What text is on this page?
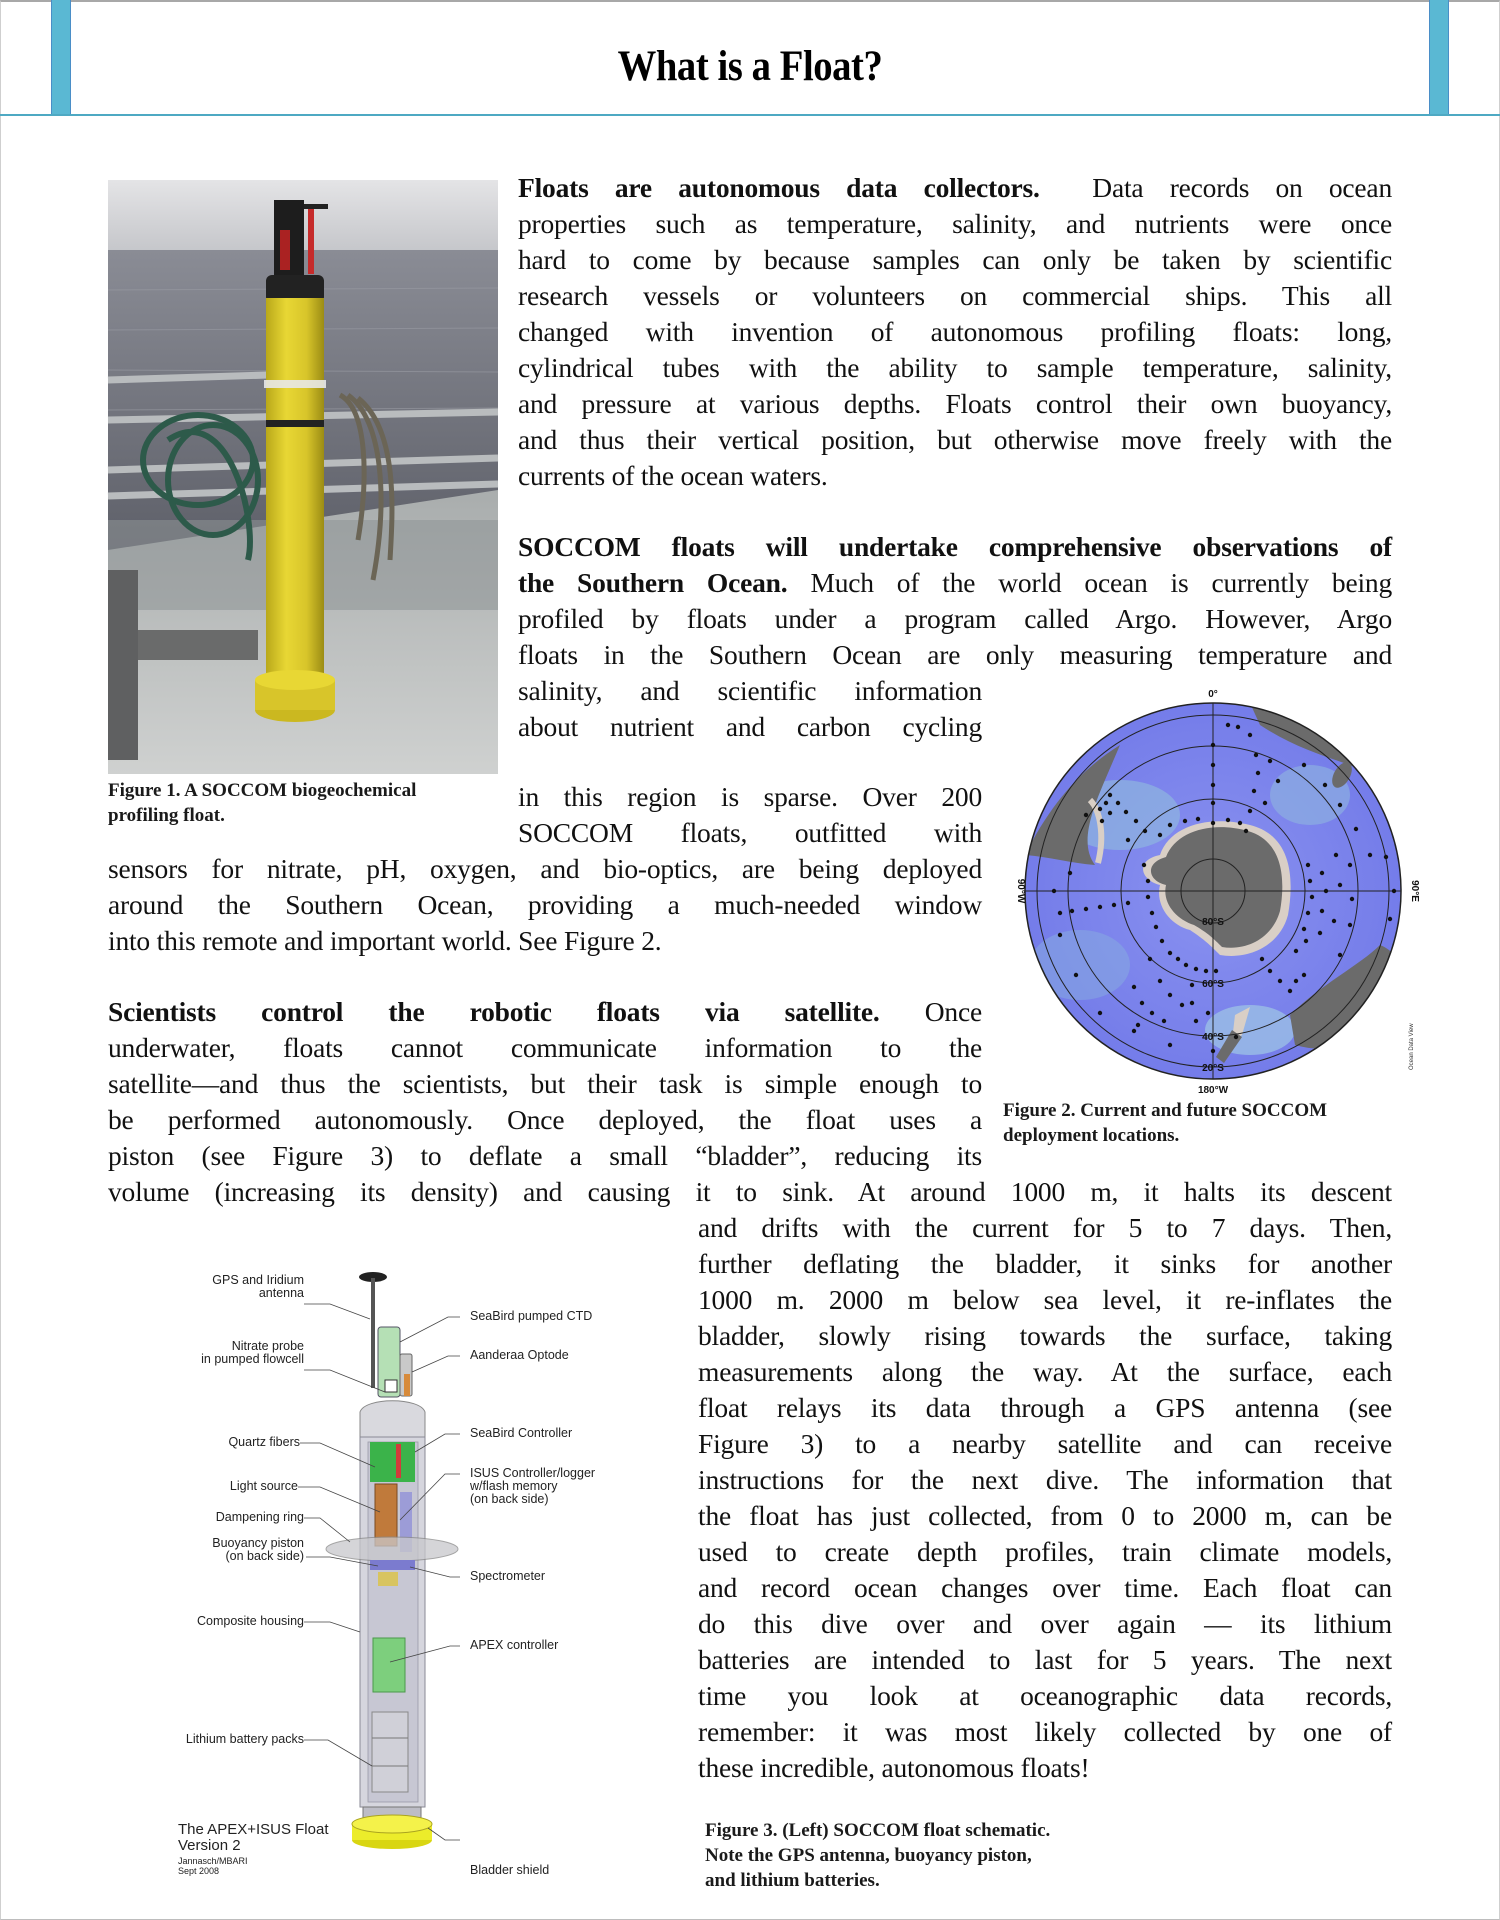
What is a Float?
Figure 1. A SOCCOM biogeochemical
profiling float.
Floats are autonomous data collectors. Data records on ocean
properties such as temperature, salinity, and nutrients were once
hard to come by because samples can only be taken by scientific
research vessels or volunteers on commercial ships. This all
changed with invention of autonomous profiling floats: long,
cylindrical tubes with the ability to sample temperature, salinity,
and pressure at various depths. Floats control their own buoyancy,
and thus their vertical position, but otherwise move freely with the
currents of the ocean waters.
SOCCOM floats will undertake comprehensive observations of
the Southern Ocean. Much of the world ocean is currently being
profiled by floats under a program called Argo. However, Argo
floats in the Southern Ocean are only measuring temperature and
salinity, and scientific information
about nutrient and carbon cycling
in this region is sparse. Over 200
SOCCOM floats, outfitted with
sensors for nitrate, pH, oxygen, and bio-optics, are being deployed
around the Southern Ocean, providing a much-needed window
into this remote and important world. See Figure 2.
0°
180°W
90°W	90°E
80°S
60°S
40°S
20°S	Ocean Data View
Figure 2. Current and future SOCCOM
deployment locations.
Scientists control the robotic floats via satellite. Once
underwater, floats cannot communicate information to the
satellite—and thus the scientists, but their task is simple enough to
be performed autonomously. Once deployed, the float uses a
piston (see Figure 3) to deflate a small “bladder”, reducing its
volume (increasing its density) and causing it to sink. At around 1000 m, it halts its descent
and drifts with the current for 5 to 7 days. Then,
further deflating the bladder, it sinks for another
1000 m. 2000 m below sea level, it re-inflates the
bladder, slowly rising towards the surface, taking
measurements along the way. At the surface, each
float relays its data through a GPS antenna (see
Figure 3) to a nearby satellite and can receive
instructions for the next dive. The information that
the float has just collected, from 0 to 2000 m, can be
used to create depth profiles, train climate models,
and record ocean changes over time. Each float can
do this dive over and over again — its lithium
batteries are intended to last for 5 years. The next
time you look at oceanographic data records,
remember: it was most likely collected by one of
these incredible, autonomous floats!
GPS and Iridium
antenna
Nitrate probe
in pumped flowcell
Quartz fibers
Light source
Dampening ring
Buoyancy piston
(on back side)
Composite housing
Lithium battery packs
SeaBird pumped CTD
Aanderaa Optode
SeaBird Controller
ISUS Controller/logger
w/flash memory
(on back side)
Spectrometer
APEX controller
Bladder shield
The APEX+ISUS Float
Version 2
Jannasch/MBARI
Sept 2008
Figure 3. (Left) SOCCOM float schematic.
Note the GPS antenna, buoyancy piston,
and lithium batteries.
